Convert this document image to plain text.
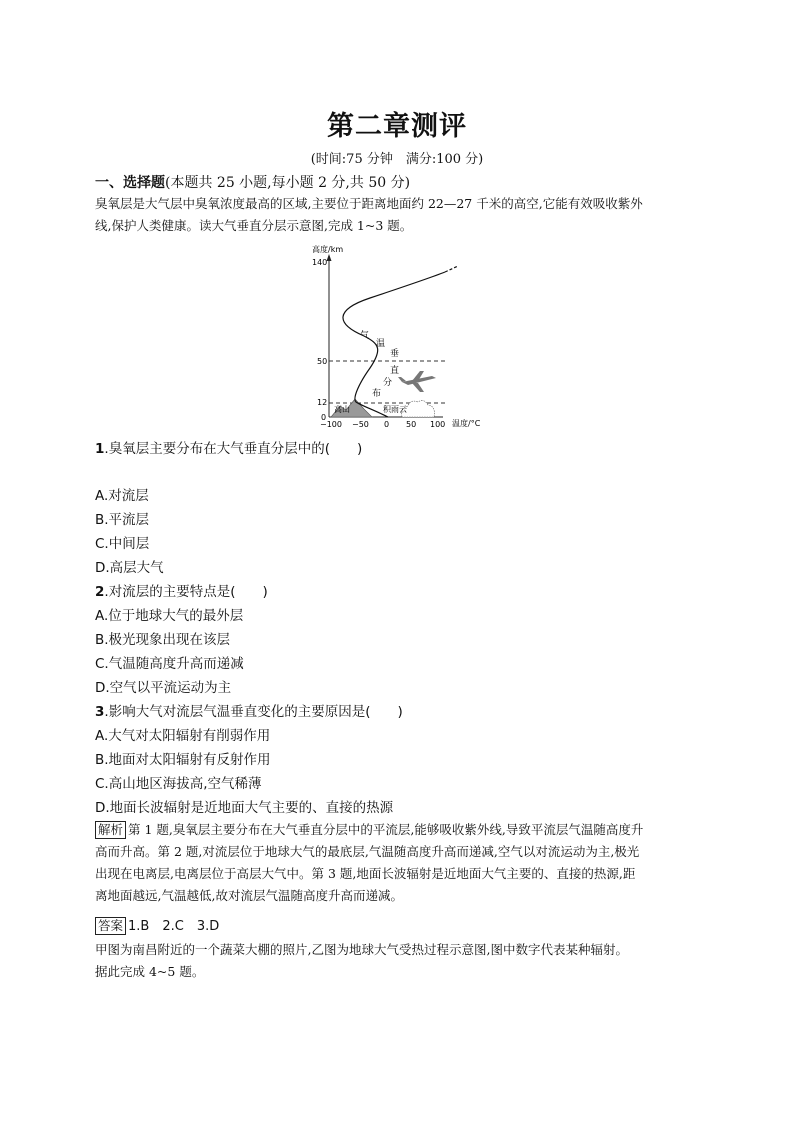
第二章测评
(时间:75 分钟　满分:100 分)
一、选择题(本题共 25 小题,每小题 2 分,共 50 分)
臭氧层是大气层中臭氧浓度最高的区域,主要位于距离地面约 22—27 千米的高空,它能有效吸收紫外
线,保护人类健康。读大气垂直分层示意图,完成 1~3 题。
高度/km
温度/°C
140
50
12
0
−100 −50 0 50 100
高山	积雨云
气
温
垂
直
分
布
1.臭氧层主要分布在大气垂直分层中的(　　)
A.对流层
B.平流层
C.中间层
D.高层大气
2.对流层的主要特点是(　　)
A.位于地球大气的最外层
B.极光现象出现在该层
C.气温随高度升高而递减
D.空气以平流运动为主
3.影响大气对流层气温垂直变化的主要原因是(　　)
A.大气对太阳辐射有削弱作用
B.地面对太阳辐射有反射作用
C.高山地区海拔高,空气稀薄
D.地面长波辐射是近地面大气主要的、直接的热源
解析 第 1 题,臭氧层主要分布在大气垂直分层中的平流层,能够吸收紫外线,导致平流层气温随高度升
高而升高。第 2 题,对流层位于地球大气的最底层,气温随高度升高而递减,空气以对流运动为主,极光
出现在电离层,电离层位于高层大气中。第 3 题,地面长波辐射是近地面大气主要的、直接的热源,距
离地面越远,气温越低,故对流层气温随高度升高而递减。
答案 1.B　2.C　3.D
甲图为南昌附近的一个蔬菜大棚的照片,乙图为地球大气受热过程示意图,图中数字代表某种辐射。
据此完成 4~5 题。
